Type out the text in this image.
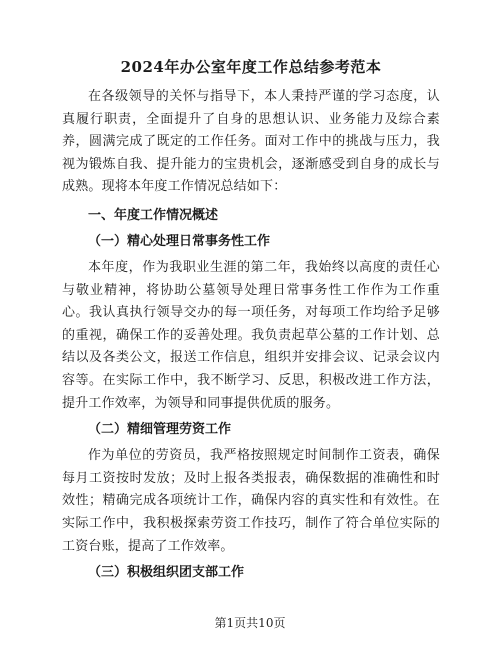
2024年办公室年度工作总结参考范本

在各级领导的关怀与指导下，本人秉持严谨的学习态度，认真履行职责，全面提升了自身的思想认识、业务能力及综合素养，圆满完成了既定的工作任务。面对工作中的挑战与压力，我视为锻炼自我、提升能力的宝贵机会，逐渐感受到自身的成长与成熟。现将本年度工作情况总结如下：

一、年度工作情况概述
（一）精心处理日常事务性工作

本年度，作为我职业生涯的第二年，我始终以高度的责任心与敬业精神，将协助公墓领导处理日常事务性工作作为工作重心。我认真执行领导交办的每一项任务，对每项工作均给予足够的重视，确保工作的妥善处理。我负责起草公墓的工作计划、总结以及各类公文，报送工作信息，组织并安排会议、记录会议内容等。在实际工作中，我不断学习、反思，积极改进工作方法，提升工作效率，为领导和同事提供优质的服务。

（二）精细管理劳资工作

作为单位的劳资员，我严格按照规定时间制作工资表，确保每月工资按时发放；及时上报各类报表，确保数据的准确性和时效性；精确完成各项统计工作，确保内容的真实性和有效性。在实际工作中，我积极探索劳资工作技巧，制作了符合单位实际的工资台账，提高了工作效率。

（三）积极组织团支部工作
第1页共10页
